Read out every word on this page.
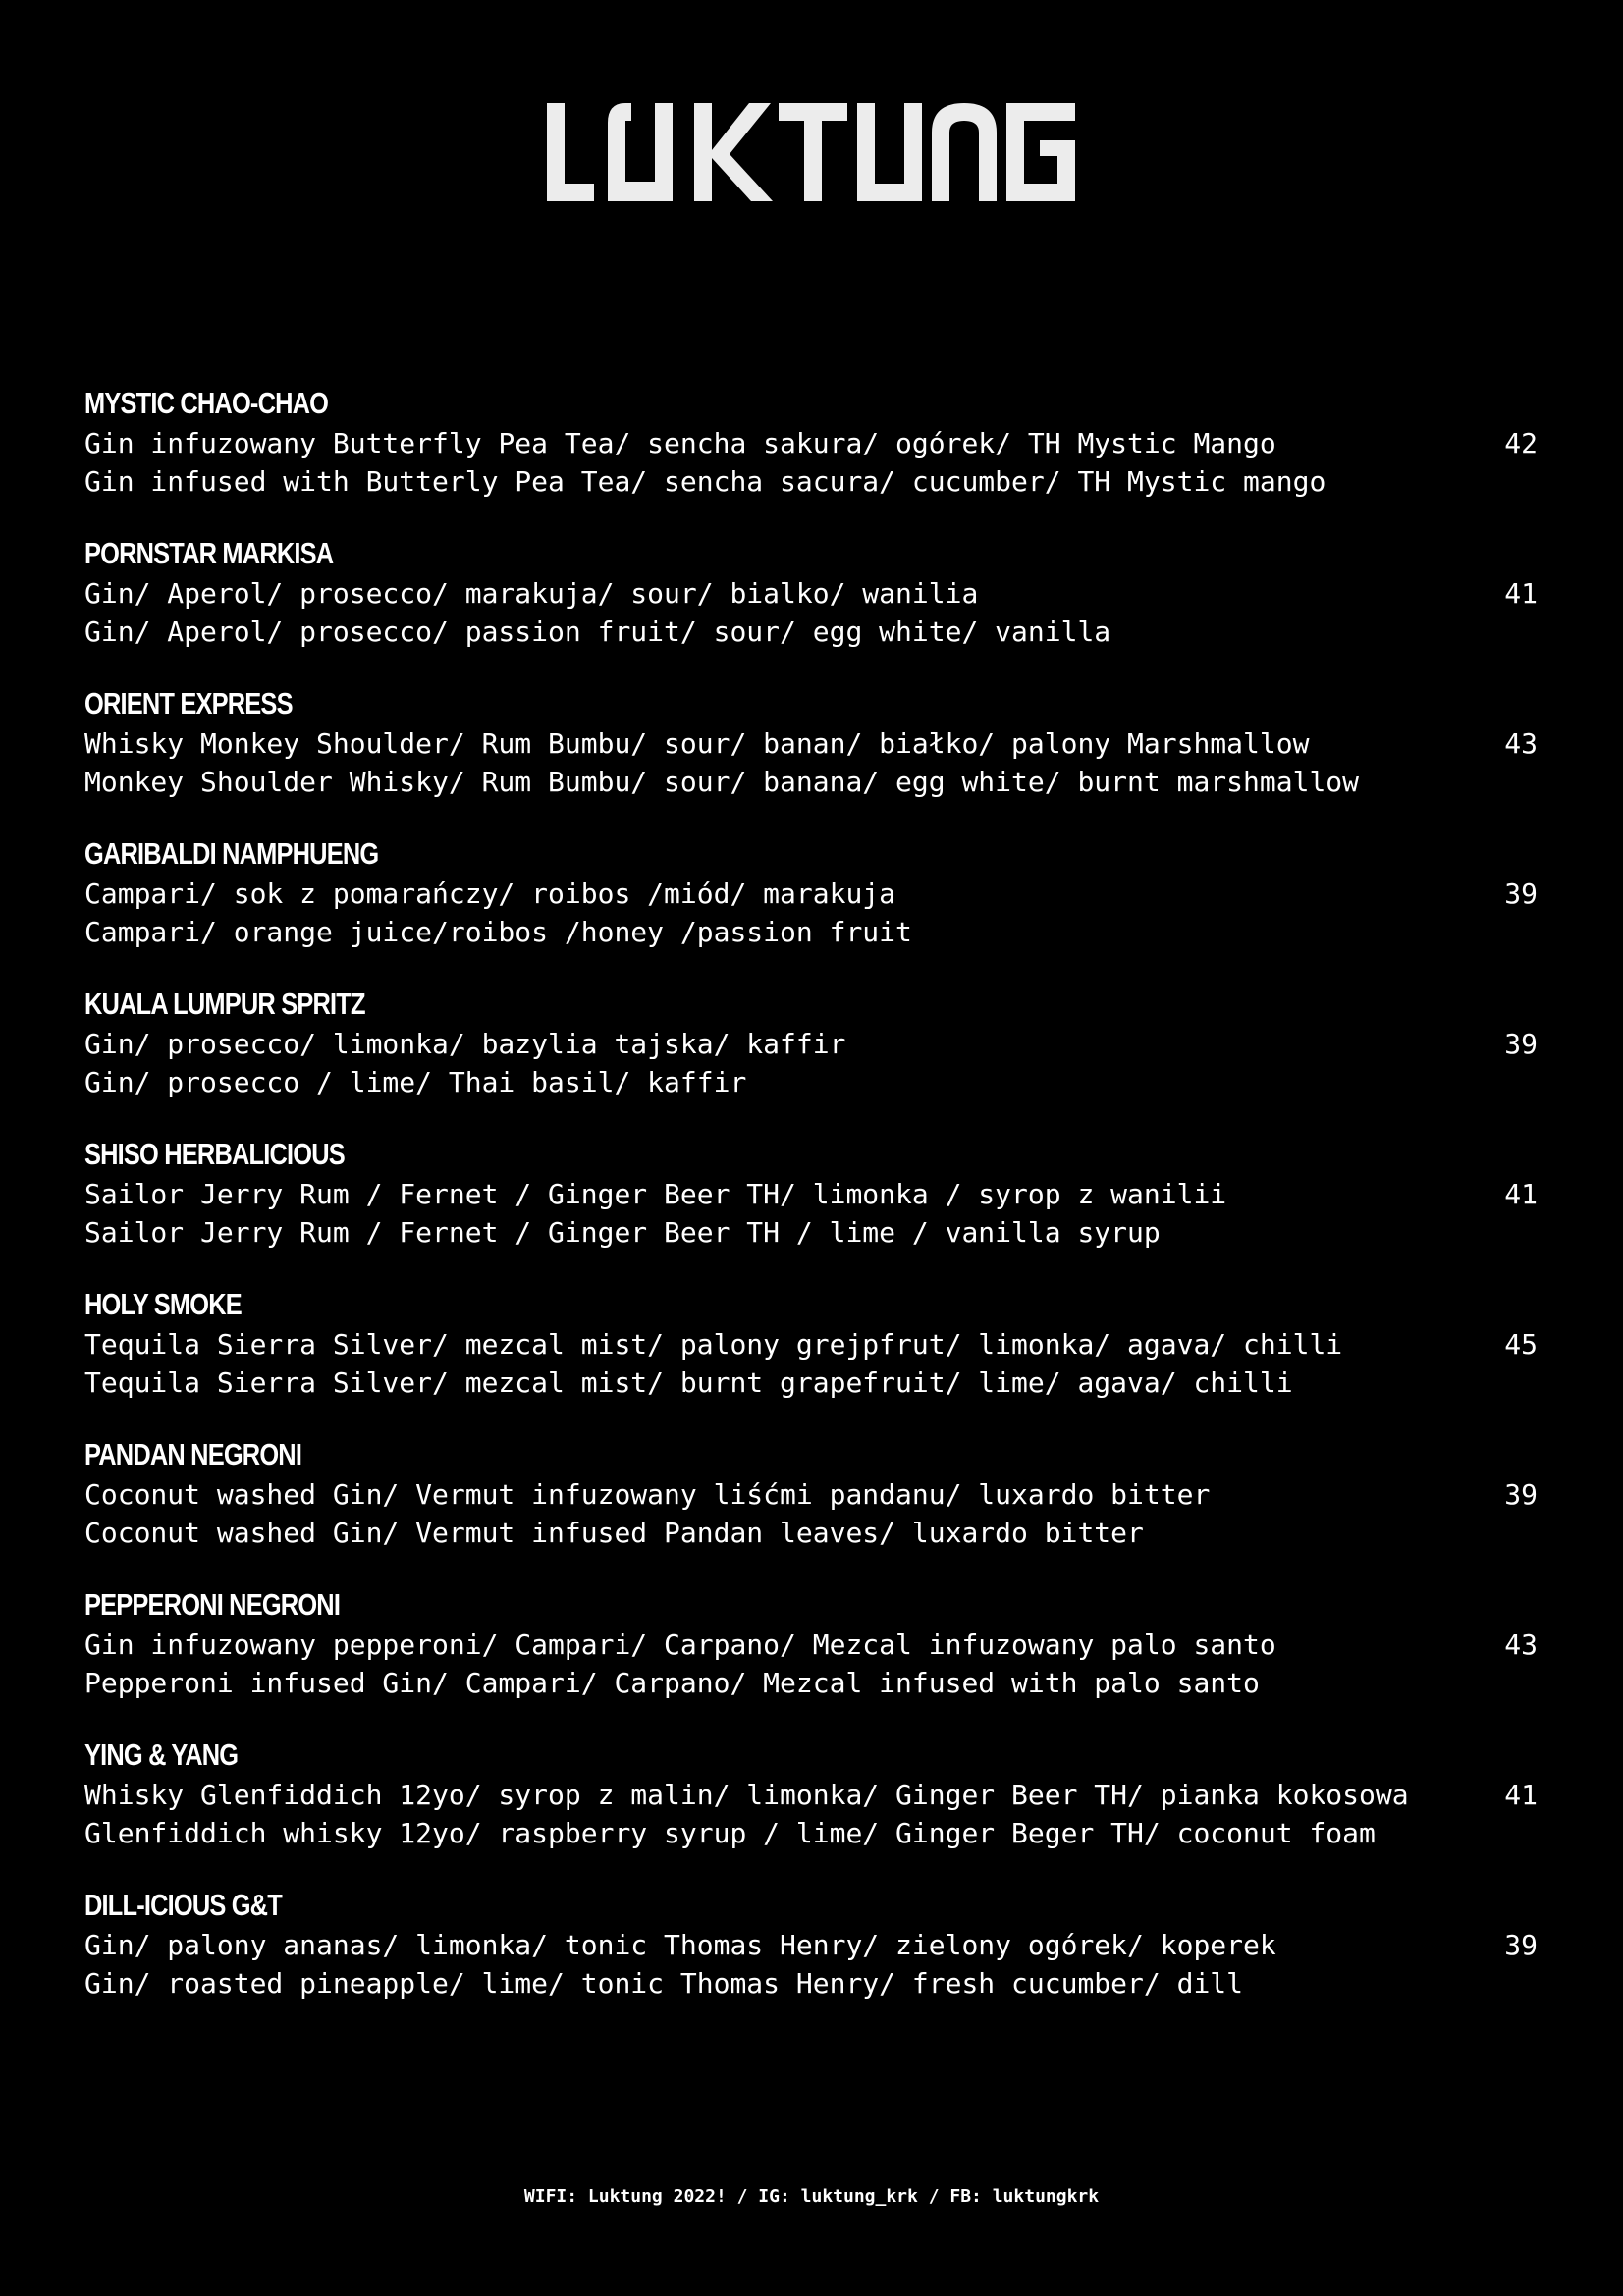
MYSTIC CHAO-CHAO
Gin infuzowany Butterfly Pea Tea/ sencha sakura/ ogórek/ TH Mystic Mango
Gin infused with Butterly Pea Tea/ sencha sacura/ cucumber/ TH Mystic mango
42
PORNSTAR MARKISA
Gin/ Aperol/ prosecco/ marakuja/ sour/ bialko/ wanilia
Gin/ Aperol/ prosecco/ passion fruit/ sour/ egg white/ vanilla
41
ORIENT EXPRESS
Whisky Monkey Shoulder/ Rum Bumbu/ sour/ banan/ białko/ palony Marshmallow
Monkey Shoulder Whisky/ Rum Bumbu/ sour/ banana/ egg white/ burnt marshmallow
43
GARIBALDI NAMPHUENG
Campari/ sok z pomarańczy/ roibos /miód/ marakuja
Campari/ orange juice/roibos /honey /passion fruit
39
KUALA LUMPUR SPRITZ
Gin/ prosecco/ limonka/ bazylia tajska/ kaffir
Gin/ prosecco / lime/ Thai basil/ kaffir
39
SHISO HERBALICIOUS
Sailor Jerry Rum / Fernet / Ginger Beer TH/ limonka / syrop z wanilii
Sailor Jerry Rum / Fernet / Ginger Beer TH / lime / vanilla syrup
41
HOLY SMOKE
Tequila Sierra Silver/ mezcal mist/ palony grejpfrut/ limonka/ agava/ chilli
Tequila Sierra Silver/ mezcal mist/ burnt grapefruit/ lime/ agava/ chilli
45
PANDAN NEGRONI
Coconut washed Gin/ Vermut infuzowany liśćmi pandanu/ luxardo bitter
Coconut washed Gin/ Vermut infused Pandan leaves/ luxardo bitter
39
PEPPERONI NEGRONI
Gin infuzowany pepperoni/ Campari/ Carpano/ Mezcal infuzowany palo santo
Pepperoni infused Gin/ Campari/ Carpano/ Mezcal infused with palo santo
43
YING & YANG
Whisky Glenfiddich 12yo/ syrop z malin/ limonka/ Ginger Beer TH/ pianka kokosowa
Glenfiddich whisky 12yo/ raspberry syrup / lime/ Ginger Beger TH/ coconut foam
41
DILL-ICIOUS G&T
Gin/ palony ananas/ limonka/ tonic Thomas Henry/ zielony ogórek/ koperek
Gin/ roasted pineapple/ lime/ tonic Thomas Henry/ fresh cucumber/ dill
39
WIFI: Luktung 2022! / IG: luktung_krk / FB: luktungkrk
